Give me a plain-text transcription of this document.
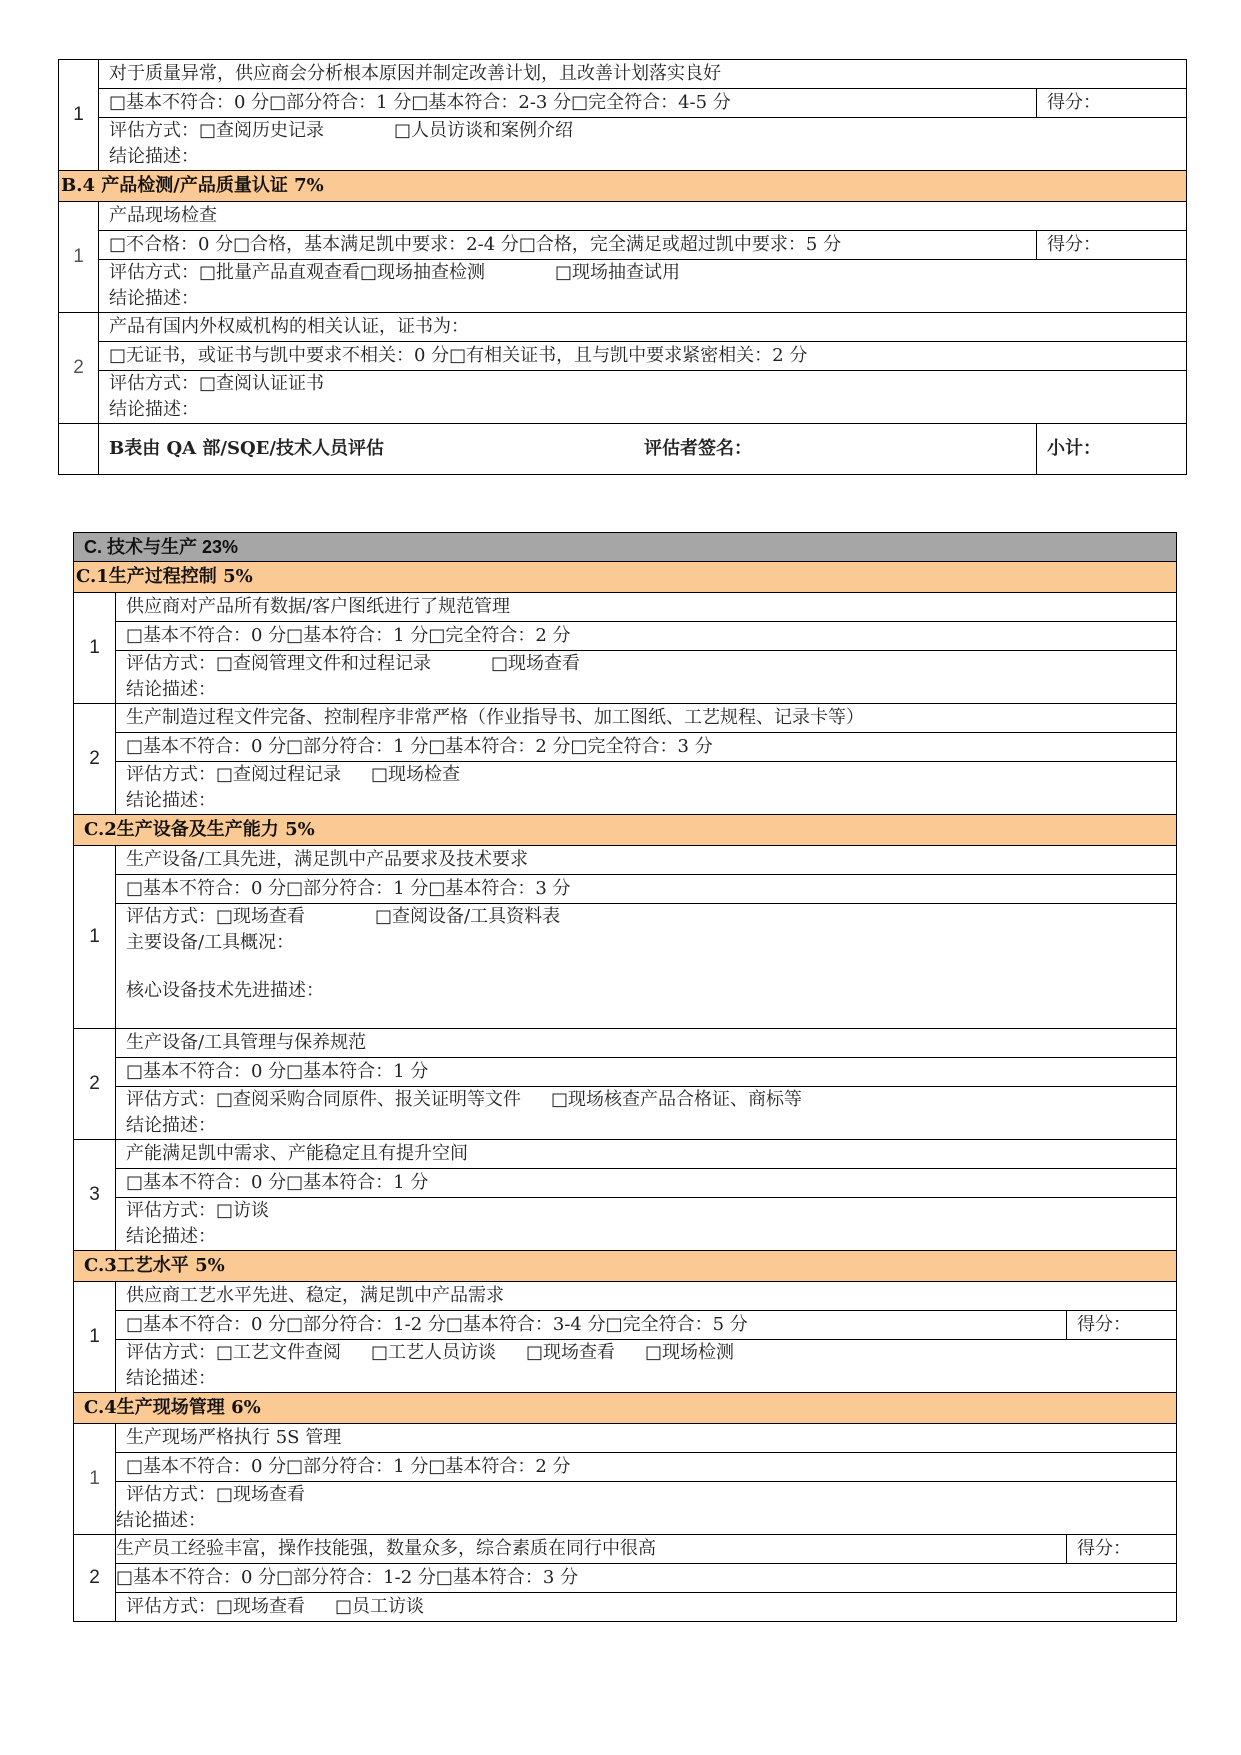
1	对于质量异常，供应商会分析根本原因并制定改善计划，且改善计划落实良好	
	□基本不符合：0 分□部分符合：1 分□基本符合：2-3 分□完全符合：4-5 分	得分：

	评估方式：□查阅历史记录 □人员访谈和案例介绍
结论描述：	

B.4 产品检测/产品质量认证 7%		
1	产品现场检查	
	□不合格：0 分□合格，基本满足凯中要求：2-4 分□合格，完全满足或超过凯中要求：5 分	得分：

	评估方式：□批量产品直观查看□现场抽查检测 □现场抽查试用
结论描述：	

2	产品有国内外权威机构的相关认证，证书为：	
	□无证书，或证书与凯中要求不相关：0 分□有相关证书，且与凯中要求紧密相关：2 分	

	评估方式：□查阅认证证书
结论描述：	

	B表由 QA 部/SQE/技术人员评估 评估者签名：	小计：
C. 技术与生产 23%		
C.1生产过程控制 5%		
1	供应商对产品所有数据/客户图纸进行了规范管理	
	□基本不符合：0 分□基本符合：1 分□完全符合：2 分	

	评估方式：□查阅管理文件和过程记录 □现场查看
结论描述：	

2	生产制造过程文件完备、控制程序非常严格（作业指导书、加工图纸、工艺规程、记录卡等）	
	□基本不符合：0 分□部分符合：1 分□基本符合：2 分□完全符合：3 分	

	评估方式：□查阅过程记录 □现场检查
结论描述：	

C.2生产设备及生产能力 5%		
1	生产设备/工具先进，满足凯中产品要求及技术要求	
	□基本不符合：0 分□部分符合：1 分□基本符合：3 分	

	评估方式：□现场查看 □查阅设备/工具资料表
主要设备/工具概况：
核心设备技术先进描述：	

2	生产设备/工具管理与保养规范	
	□基本不符合：0 分□基本符合：1 分	

	评估方式：□查阅采购合同原件、报关证明等文件 □现场核查产品合格证、商标等
结论描述：	

3	产能满足凯中需求、产能稳定且有提升空间	
	□基本不符合：0 分□基本符合：1 分	

	评估方式：□访谈
结论描述：	

C.3工艺水平 5%		
1	供应商工艺水平先进、稳定，满足凯中产品需求	
	□基本不符合：0 分□部分符合：1-2 分□基本符合：3-4 分□完全符合：5 分	得分：

	评估方式：□工艺文件查阅 □工艺人员访谈 □现场查看 □现场检测
结论描述：	

C.4生产现场管理 6%		
1	生产现场严格执行 5S 管理	
	□基本不符合：0 分□部分符合：1 分□基本符合：2 分	

	评估方式：□现场查看
结论描述：	

2	生产员工经验丰富，操作技能强，数量众多，综合素质在同行中很高	得分：
	□基本不符合：0 分□部分符合：1-2 分□基本符合：3 分	
	评估方式：□现场查看 □员工访谈	
